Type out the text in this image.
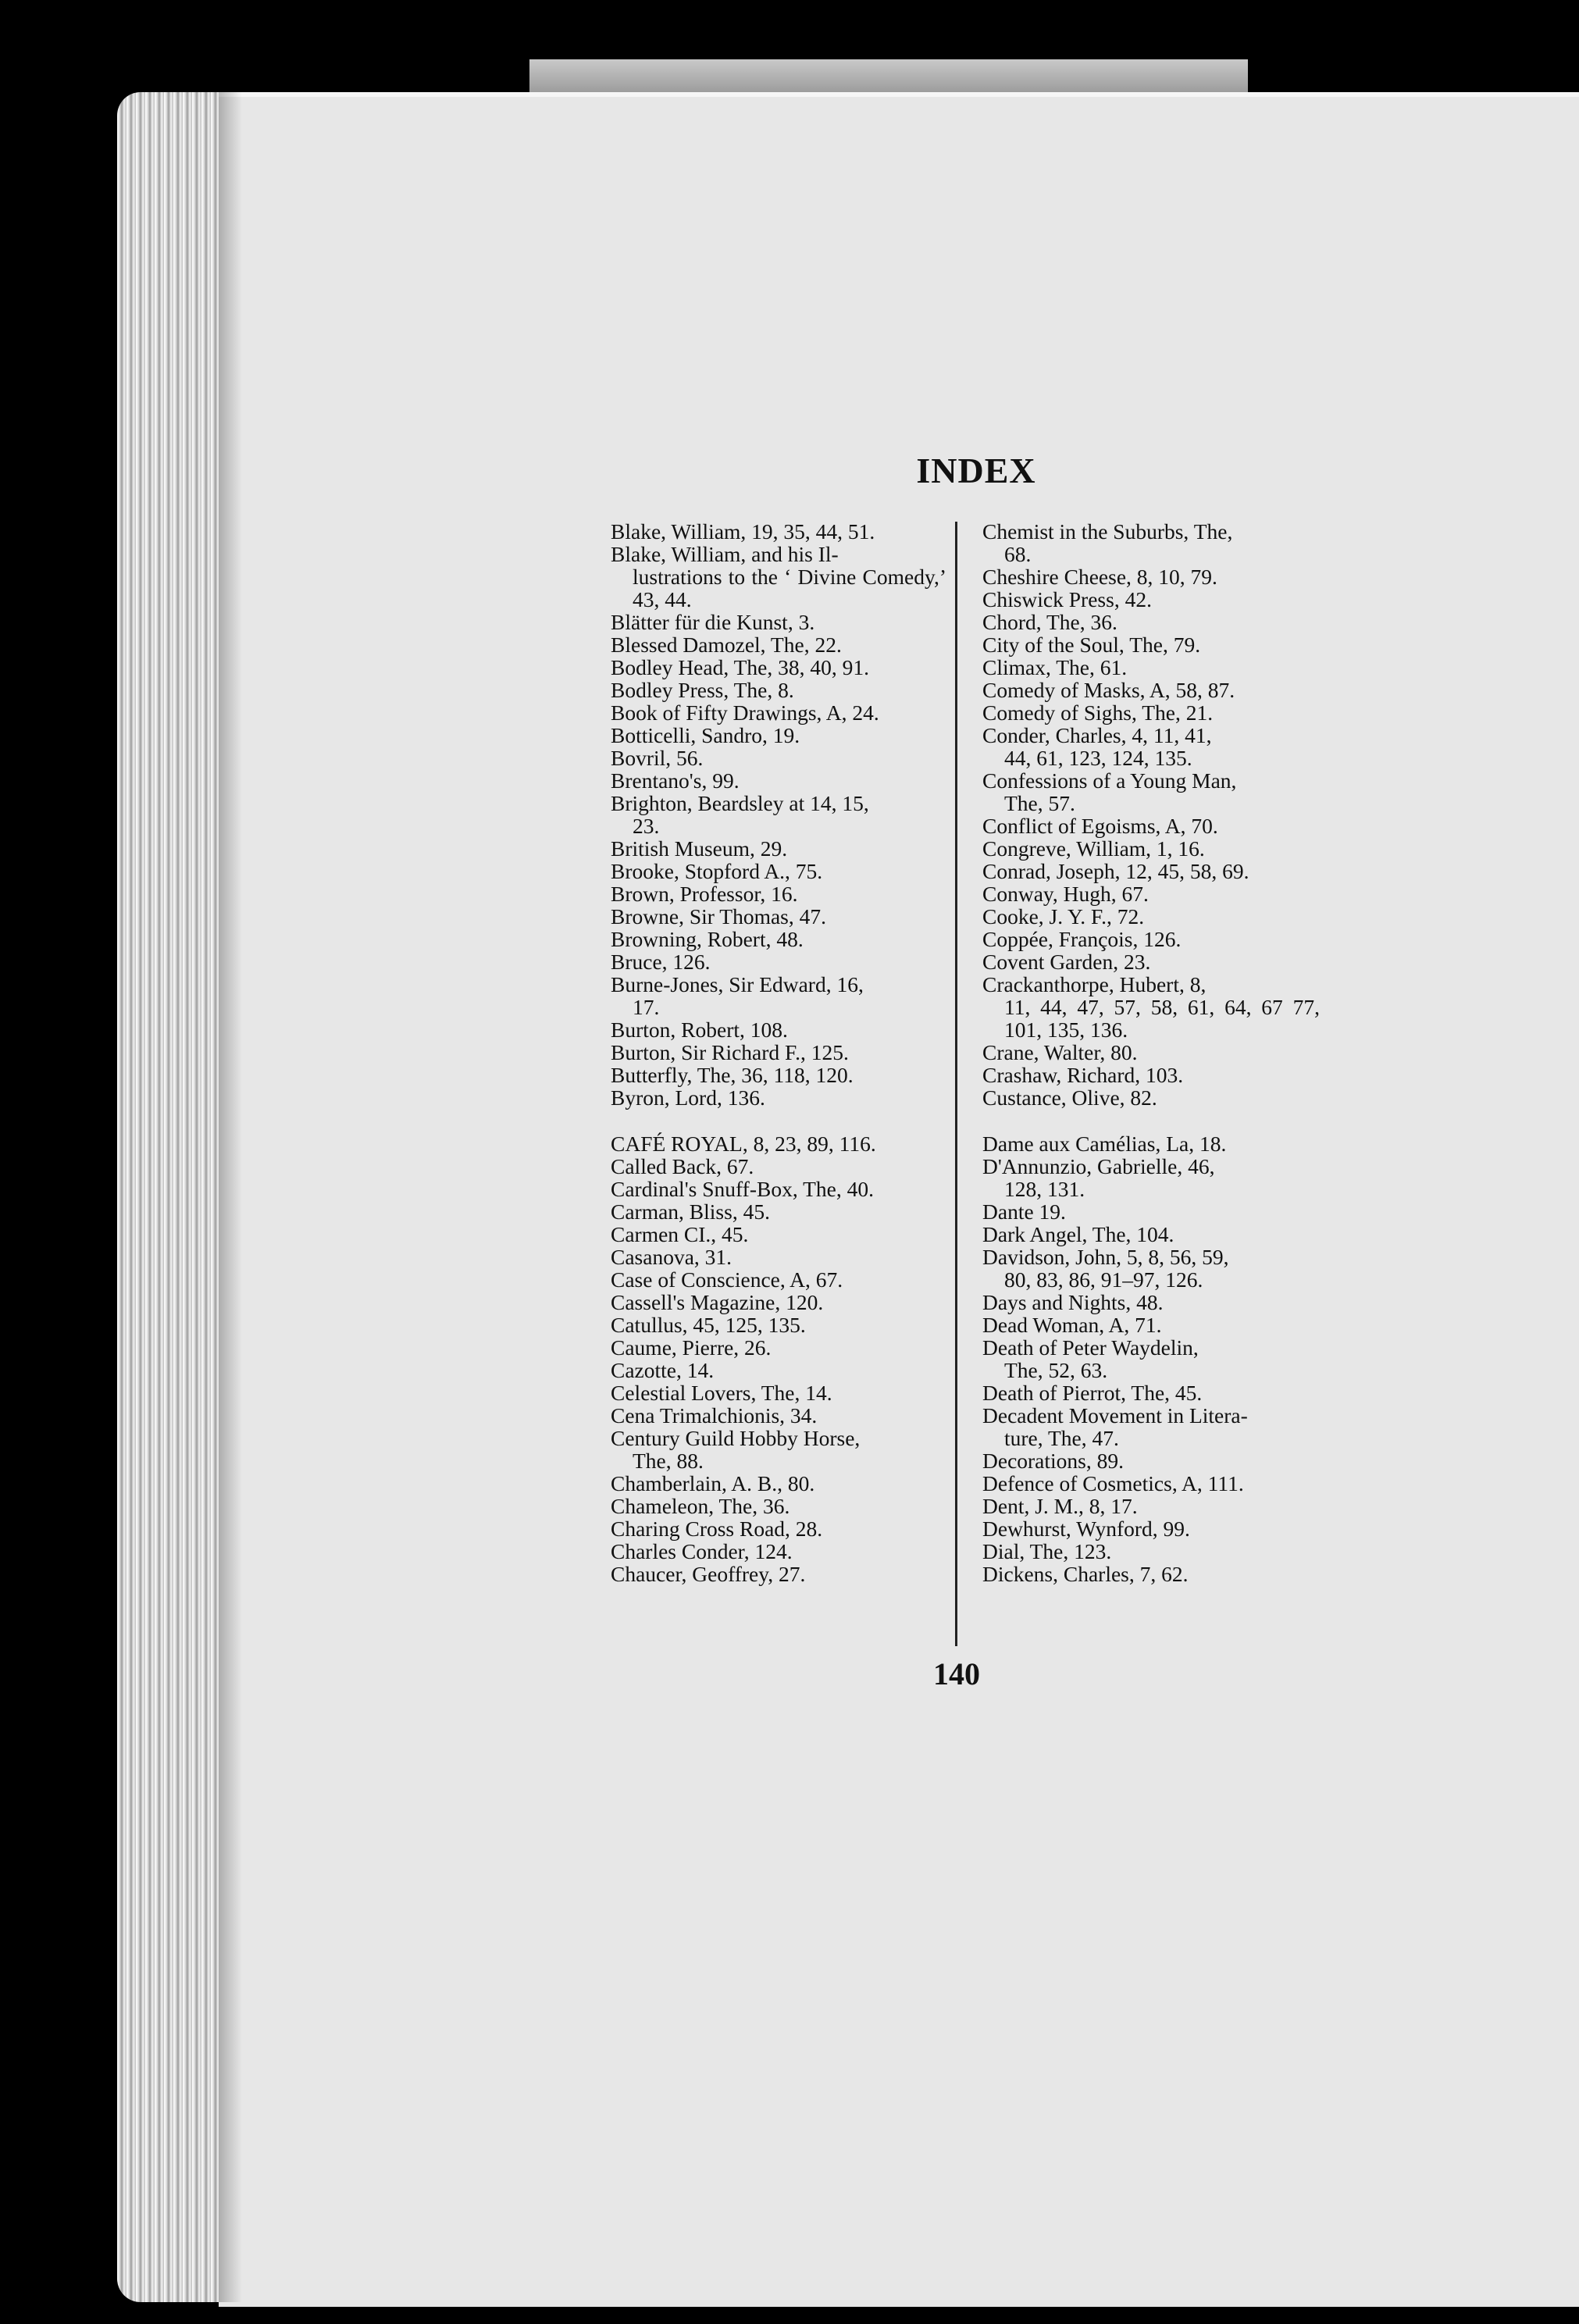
INDEX
Blake, William, 19, 35, 44, 51.
Blake, William, and his Il-
lustrations to the ‘ Divine Comedy,’ 43, 44.
Blätter für die Kunst, 3.
Blessed Damozel, The, 22.
Bodley Head, The, 38, 40, 91.
Bodley Press, The, 8.
Book of Fifty Drawings, A, 24.
Botticelli, Sandro, 19.
Bovril, 56.
Brentano's, 99.
Brighton, Beardsley at 14, 15,
23.
British Museum, 29.
Brooke, Stopford A., 75.
Brown, Professor, 16.
Browne, Sir Thomas, 47.
Browning, Robert, 48.
Bruce, 126.
Burne-Jones, Sir Edward, 16,
17.
Burton, Robert, 108.
Burton, Sir Richard F., 125.
Butterfly, The, 36, 118, 120.
Byron, Lord, 136.
CAFÉ ROYAL, 8, 23, 89, 116.
Called Back, 67.
Cardinal's Snuff-Box, The, 40.
Carman, Bliss, 45.
Carmen CI., 45.
Casanova, 31.
Case of Conscience, A, 67.
Cassell's Magazine, 120.
Catullus, 45, 125, 135.
Caume, Pierre, 26.
Cazotte, 14.
Celestial Lovers, The, 14.
Cena Trimalchionis, 34.
Century Guild Hobby Horse,
The, 88.
Chamberlain, A. B., 80.
Chameleon, The, 36.
Charing Cross Road, 28.
Charles Conder, 124.
Chaucer, Geoffrey, 27.
Chemist in the Suburbs, The,
68.
Cheshire Cheese, 8, 10, 79.
Chiswick Press, 42.
Chord, The, 36.
City of the Soul, The, 79.
Climax, The, 61.
Comedy of Masks, A, 58, 87.
Comedy of Sighs, The, 21.
Conder, Charles, 4, 11, 41,
44, 61, 123, 124, 135.
Confessions of a Young Man,
The, 57.
Conflict of Egoisms, A, 70.
Congreve, William, 1, 16.
Conrad, Joseph, 12, 45, 58, 69.
Conway, Hugh, 67.
Cooke, J. Y. F., 72.
Coppée, François, 126.
Covent Garden, 23.
Crackanthorpe, Hubert, 8,
11, 44, 47, 57, 58, 61, 64, 67 77, 101, 135, 136.
Crane, Walter, 80.
Crashaw, Richard, 103.
Custance, Olive, 82.
Dame aux Camélias, La, 18.
D'Annunzio, Gabrielle, 46,
128, 131.
Dante 19.
Dark Angel, The, 104.
Davidson, John, 5, 8, 56, 59,
80, 83, 86, 91–97, 126.
Days and Nights, 48.
Dead Woman, A, 71.
Death of Peter Waydelin,
The, 52, 63.
Death of Pierrot, The, 45.
Decadent Movement in Litera-
ture, The, 47.
Decorations, 89.
Defence of Cosmetics, A, 111.
Dent, J. M., 8, 17.
Dewhurst, Wynford, 99.
Dial, The, 123.
Dickens, Charles, 7, 62.
140
